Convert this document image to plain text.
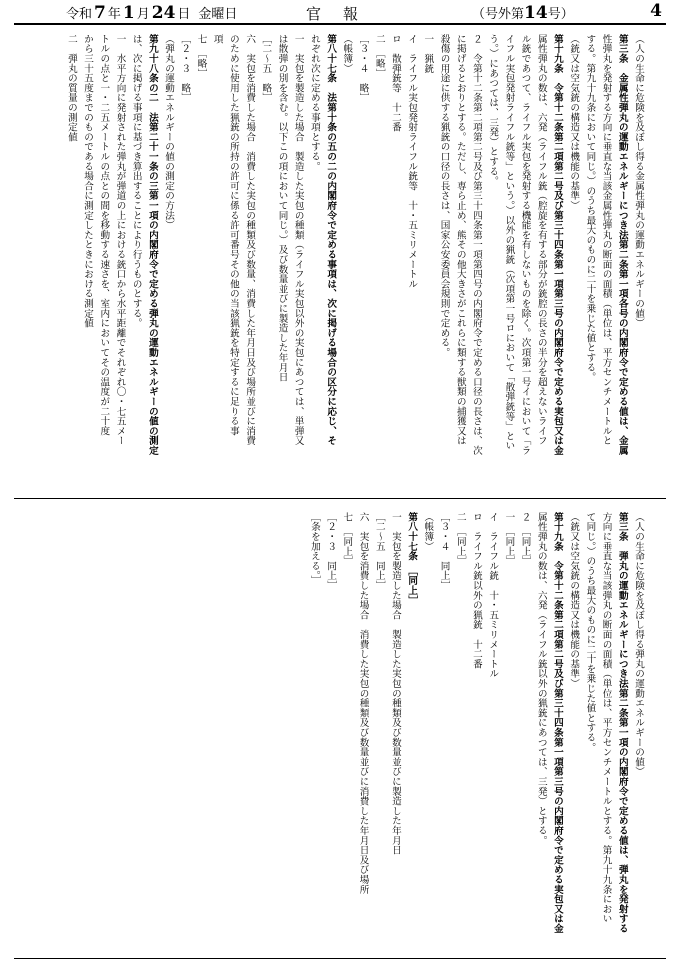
令和 7 年 1 月 24 日 金曜日	官報	（号外第14号）	4
（人の生命に危険を及ぼし得る金属性弾丸の運動エネルギーの値）
第三条　金属性弾丸の運動エネルギーにつき法第二条第一項各号の内閣府令で定める値は、金属
性弾丸を発射する方向に垂直な当該金属性弾丸の断面の面積（単位は、平方センチメートルと
する。第九十九条において同じ。）のうち最大のものに二十を乗じた値とする。
（銃又は空気銃の構造又は機能の基準）
第十九条　令第十二条第二項第二号及び第三十四条第一項第三号の内閣府令で定める実包又は金
属性弾丸の数は、六発（ライフル銃（腔旋を有する部分が銃腔の長さの半分を超えないライフ
ル銃であつて、ライフル実包を発射する機能を有しないものを除く。次項第一号イにおいて「ラ
イフル実包発射ライフル銃等」という。）以外の猟銃（次項第一号ロにおいて「散弾銃等」とい
う。）にあつては、三発）とする。
２　令第十二条第二項第二号及び第三十四条第一項第四号の内閣府令で定める口径の長さは、次
に掲げるとおりとする。ただし、専ら止め、熊その他大きさがこれらに類する獣類の捕獲又は
殺傷の用途に供する猟銃の口径の長さは、国家公安委員会規則で定める。
一　猟銃
イ　ライフル実包発射ライフル銃等　十・五ミリメートル
ロ　散弾銃等　十二番
二　［略］
［３・４　略］
（帳簿）
第八十七条　法第十条の五の二の内閣府令で定める事項は、次に掲げる場合の区分に応じ、そ
れぞれ次に定める事項とする。
一　実包を製造した場合　製造した実包の種類（ライフル実包以外の実包にあつては、単弾又
は散弾の別を含む。以下この項において同じ。）及び数量並びに製造した年月日
［二～五　略］
六　実包を消費した場合　消費した実包の種類及び数量、消費した年月日及び場所並びに消費
のために使用した猟銃の所持の許可に係る許可番号その他の当該猟銃を特定するに足りる事
項
七　［略］
［２・３　略］
（弾丸の運動エネルギーの値の測定の方法）
第九十八条の二　法第二十一条の三第一項の内閣府令で定める弾丸の運動エネルギーの値の測定
は、次に掲げる事項に基づき算出することにより行うものとする。
一　水平方向に発射された弾丸が弾道の上における銃口から水平距離でそれぞれ〇・七五メー
トルの点と一・二五メートルの点との間を移動する速さを、室内においてその温度が二十度
から三十五度までのものである場合に測定したときにおける測定値
二　弾丸の質量の測定値
（人の生命に危険を及ぼし得る弾丸の運動エネルギーの値）
第三条　弾丸の運動エネルギーにつき法第二条第一項の内閣府令で定める値は、弾丸を発射する
方向に垂直な当該弾丸の断面の面積（単位は、平方センチメートルとする。第九十九条におい
て同じ。）のうち最大のものに二十を乗じた値とする。
（銃又は空気銃の構造又は機能の基準）
第十九条　令第十二条第二項第二号及び第三十四条第一項第三号の内閣府令で定める実包又は金
属性弾丸の数は、六発（ライフル銃以外の猟銃にあつては、三発）とする。
２　［同上］
一　［同上］
イ　ライフル銃　十・五ミリメートル
ロ　ライフル銃以外の猟銃　十二番
二　［同上］
［３・４　同上］
（帳簿）
第八十七条　［同上］
一　実包を製造した場合　製造した実包の種類及び数量並びに製造した年月日
［二～五　同上］
六　実包を消費した場合　消費した実包の種類及び数量並びに消費した年月日及び場所
七　［同上］
［２・３　同上］
［条を加える。］
